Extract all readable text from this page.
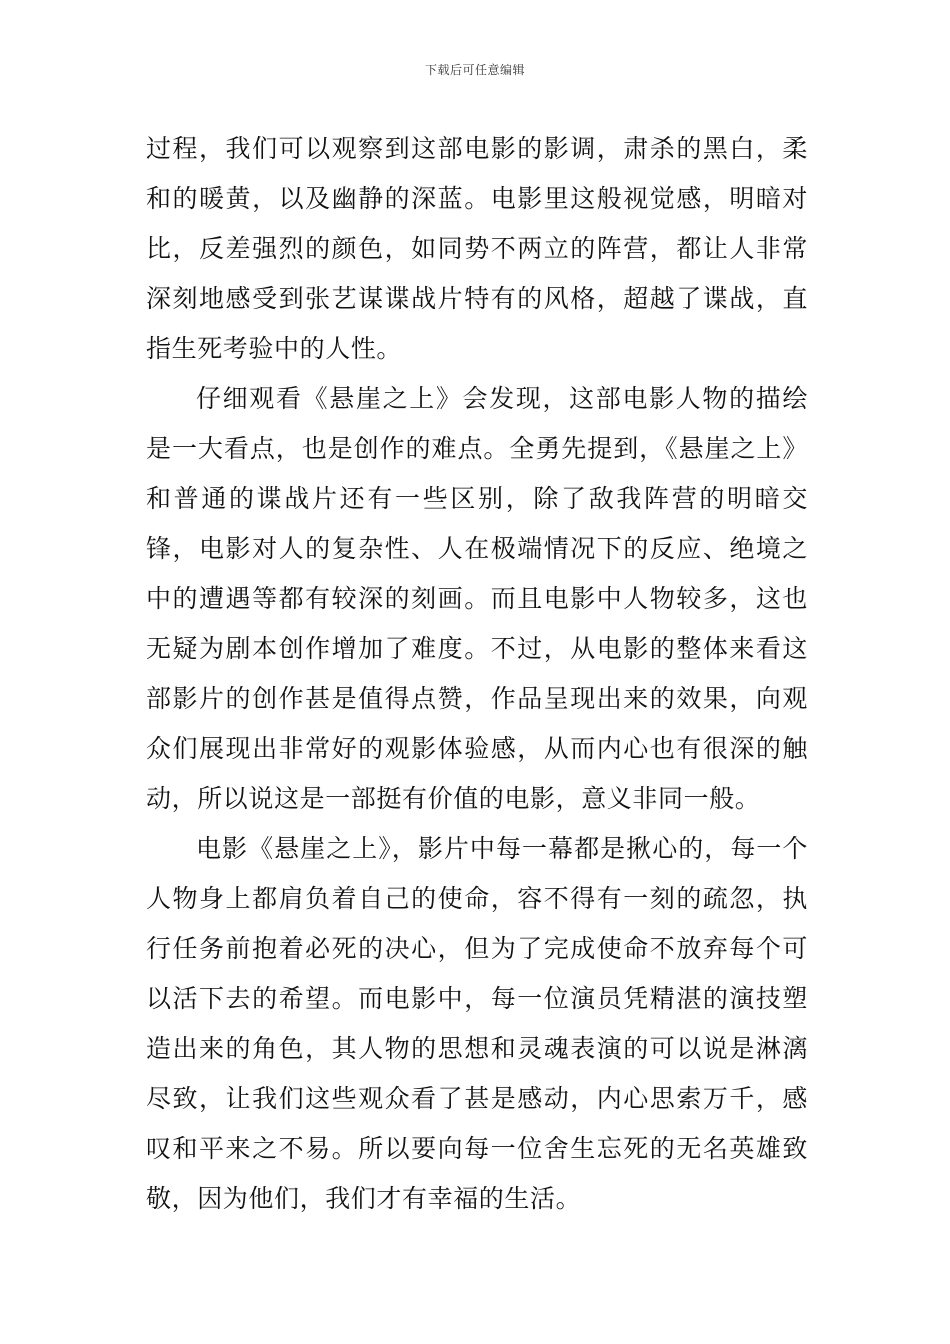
下载后可任意编辑

过程，我们可以观察到这部电影的影调，肃杀的黑白，柔和的暖黄，以及幽静的深蓝。电影里这般视觉感，明暗对比，反差强烈的颜色，如同势不两立的阵营，都让人非常深刻地感受到张艺谋谍战片特有的风格，超越了谍战，直指生死考验中的人性。

仔细观看《悬崖之上》会发现，这部电影人物的描绘是一大看点，也是创作的难点。全勇先提到，《悬崖之上》和普通的谍战片还有一些区别，除了敌我阵营的明暗交锋，电影对人的复杂性、人在极端情况下的反应、绝境之中的遭遇等都有较深的刻画。而且电影中人物较多，这也无疑为剧本创作增加了难度。不过，从电影的整体来看这部影片的创作甚是值得点赞，作品呈现出来的效果，向观众们展现出非常好的观影体验感，从而内心也有很深的触动，所以说这是一部挺有价值的电影，意义非同一般。

电影《悬崖之上》，影片中每一幕都是揪心的，每一个人物身上都肩负着自己的使命，容不得有一刻的疏忽，执行任务前抱着必死的决心，但为了完成使命不放弃每个可以活下去的希望。而电影中，每一位演员凭精湛的演技塑造出来的角色，其人物的思想和灵魂表演的可以说是淋漓尽致，让我们这些观众看了甚是感动，内心思索万千，感叹和平来之不易。所以要向每一位舍生忘死的无名英雄致敬，因为他们，我们才有幸福的生活。
